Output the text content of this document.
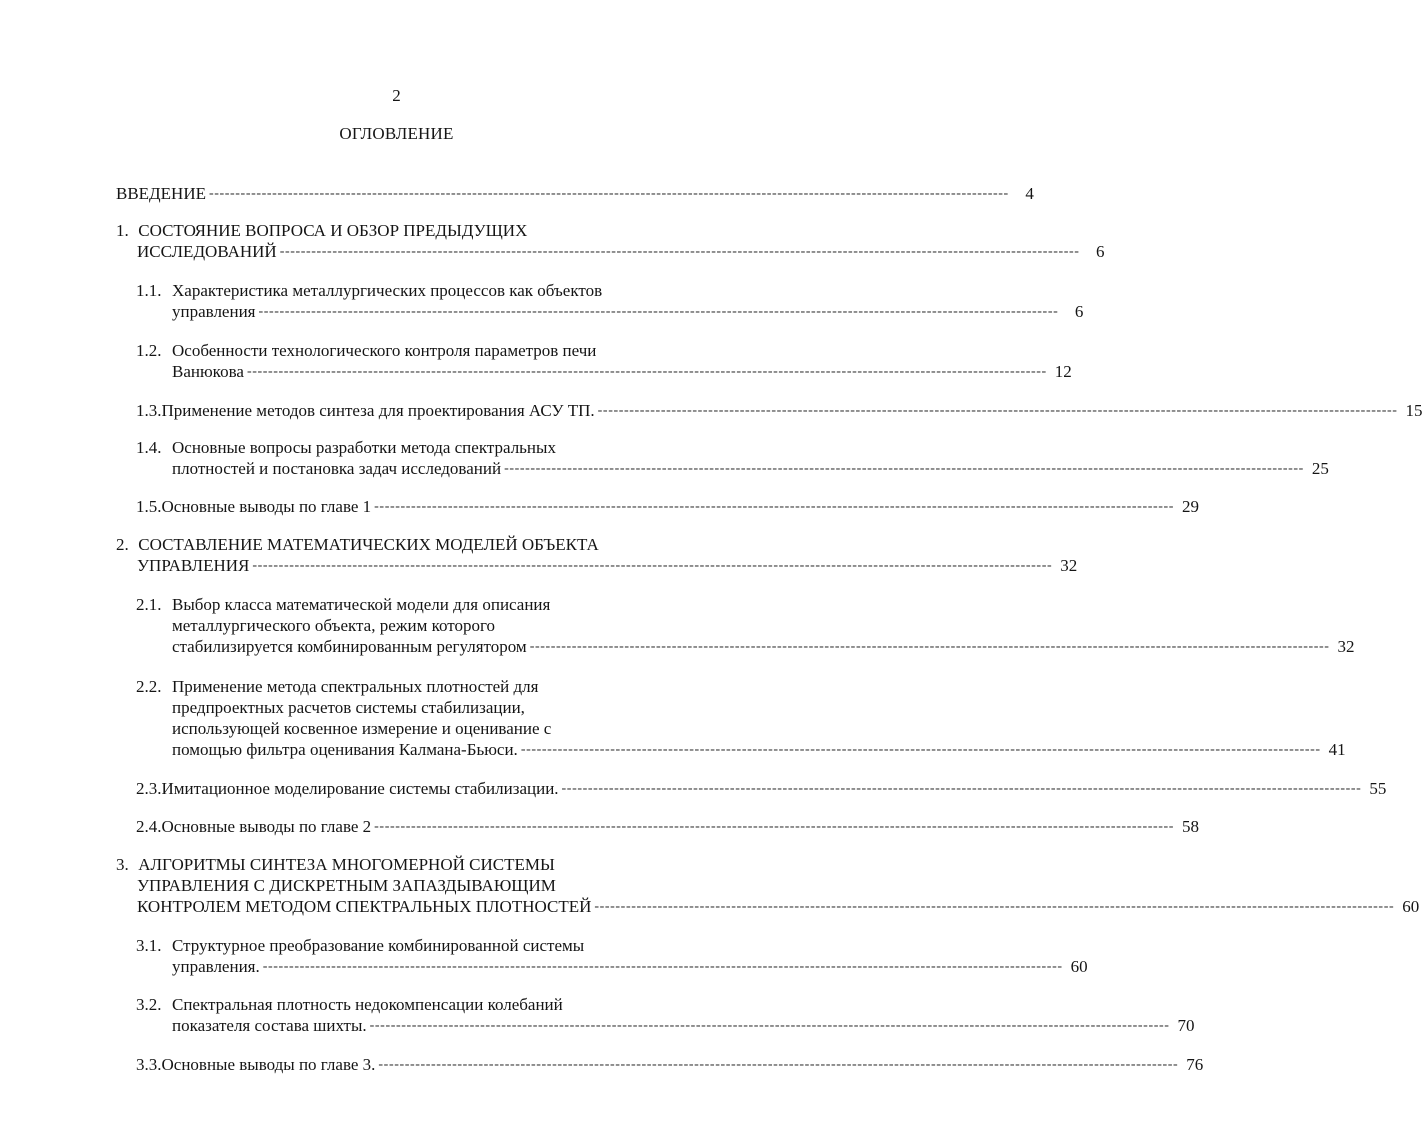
2
ОГЛОВЛЕНИЕ
ВВЕДЕНИЕ -------------------------------------------------------------------------------------------------------------------------------------------------------- 4
1. СОСТОЯНИЕ ВОПРОСА И ОБЗОР ПРЕДЫДУЩИХ
ИССЛЕДОВАНИЙ -------------------------------------------------------------------------------------------------------------------------------------------------------- 6
1.1. Характеристика металлургических процессов как объектов
управления -------------------------------------------------------------------------------------------------------------------------------------------------------- 6
1.2. Особенности технологического контроля параметров печи
Ванюкова -------------------------------------------------------------------------------------------------------------------------------------------------------- 12
1.3. Применение методов синтеза для проектирования АСУ ТП. -------------------------------------------------------------------------------------------------------------------------------------------------------- 15
1.4. Основные вопросы разработки метода спектральных
плотностей и постановка задач исследований -------------------------------------------------------------------------------------------------------------------------------------------------------- 25
1.5. Основные выводы по главе 1 -------------------------------------------------------------------------------------------------------------------------------------------------------- 29
2. СОСТАВЛЕНИЕ МАТЕМАТИЧЕСКИХ МОДЕЛЕЙ ОБЪЕКТА
УПРАВЛЕНИЯ -------------------------------------------------------------------------------------------------------------------------------------------------------- 32
2.1. Выбор класса математической модели для описания
металлургического объекта, режим которого
стабилизируется комбинированным регулятором -------------------------------------------------------------------------------------------------------------------------------------------------------- 32
2.2. Применение метода спектральных плотностей для
предпроектных расчетов системы стабилизации,
использующей косвенное измерение и оценивание с
помощью фильтра оценивания Калмана-Бьюси. -------------------------------------------------------------------------------------------------------------------------------------------------------- 41
2.3. Имитационное моделирование системы стабилизации. -------------------------------------------------------------------------------------------------------------------------------------------------------- 55
2.4. Основные выводы по главе 2 -------------------------------------------------------------------------------------------------------------------------------------------------------- 58
3. АЛГОРИТМЫ СИНТЕЗА МНОГОМЕРНОЙ СИСТЕМЫ
УПРАВЛЕНИЯ С ДИСКРЕТНЫМ ЗАПАЗДЫВАЮЩИМ
КОНТРОЛЕМ МЕТОДОМ СПЕКТРАЛЬНЫХ ПЛОТНОСТЕЙ -------------------------------------------------------------------------------------------------------------------------------------------------------- 60
3.1. Структурное преобразование комбинированной системы
управления. -------------------------------------------------------------------------------------------------------------------------------------------------------- 60
3.2. Спектральная плотность недокомпенсации колебаний
показателя состава шихты. -------------------------------------------------------------------------------------------------------------------------------------------------------- 70
3.3. Основные выводы по главе 3. -------------------------------------------------------------------------------------------------------------------------------------------------------- 76
